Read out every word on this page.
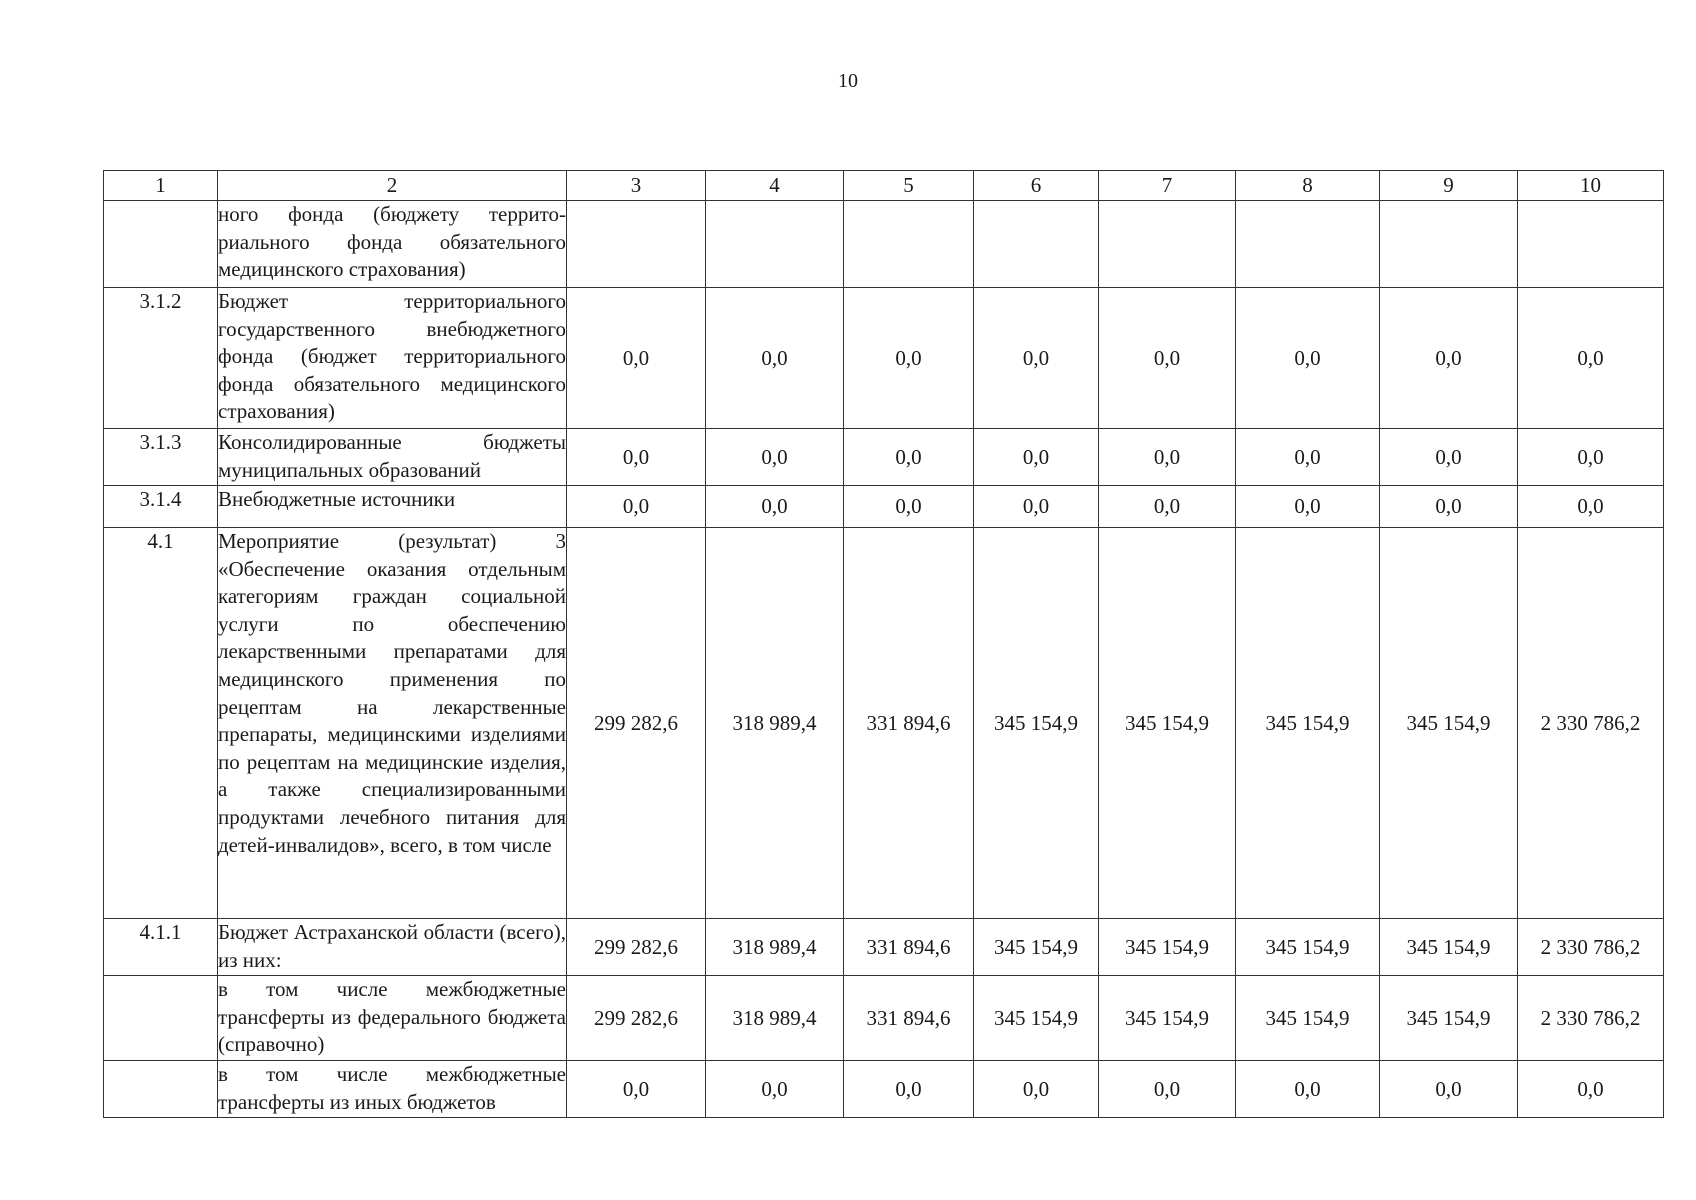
10
1	2	3	4	5	6	7	8	9	10
	ного фонда (бюджету территориального фонда обязательного медицинского страхования)								
3.1.2	Бюджет территориального государственного внебюджетного фонда (бюджет территориального фонда обязательного медицинского страхования)	0,0	0,0	0,0	0,0	0,0	0,0	0,0	0,0
3.1.3	Консолидированные бюджеты муниципальных образований	0,0	0,0	0,0	0,0	0,0	0,0	0,0	0,0
3.1.4	Внебюджетные источники	0,0	0,0	0,0	0,0	0,0	0,0	0,0	0,0
4.1	Мероприятие (результат) 3 «Обеспечение оказания отдельным категориям граждан социальной услуги по обеспечению лекарственными препаратами для медицинского применения по рецептам на лекарственные препараты, медицинскими изделиями по рецептам на медицинские изделия, а также специализированными продуктами лечебного питания для детей-инвалидов», всего, в том числе	299 282,6	318 989,4	331 894,6	345 154,9	345 154,9	345 154,9	345 154,9	2 330 786,2
4.1.1	Бюджет Астраханской области (всего), из них:	299 282,6	318 989,4	331 894,6	345 154,9	345 154,9	345 154,9	345 154,9	2 330 786,2
	в том числе межбюджетные трансферты из федерального бюджета (справочно)	299 282,6	318 989,4	331 894,6	345 154,9	345 154,9	345 154,9	345 154,9	2 330 786,2
	в том числе межбюджетные трансферты из иных бюджетов	0,0	0,0	0,0	0,0	0,0	0,0	0,0	0,0
